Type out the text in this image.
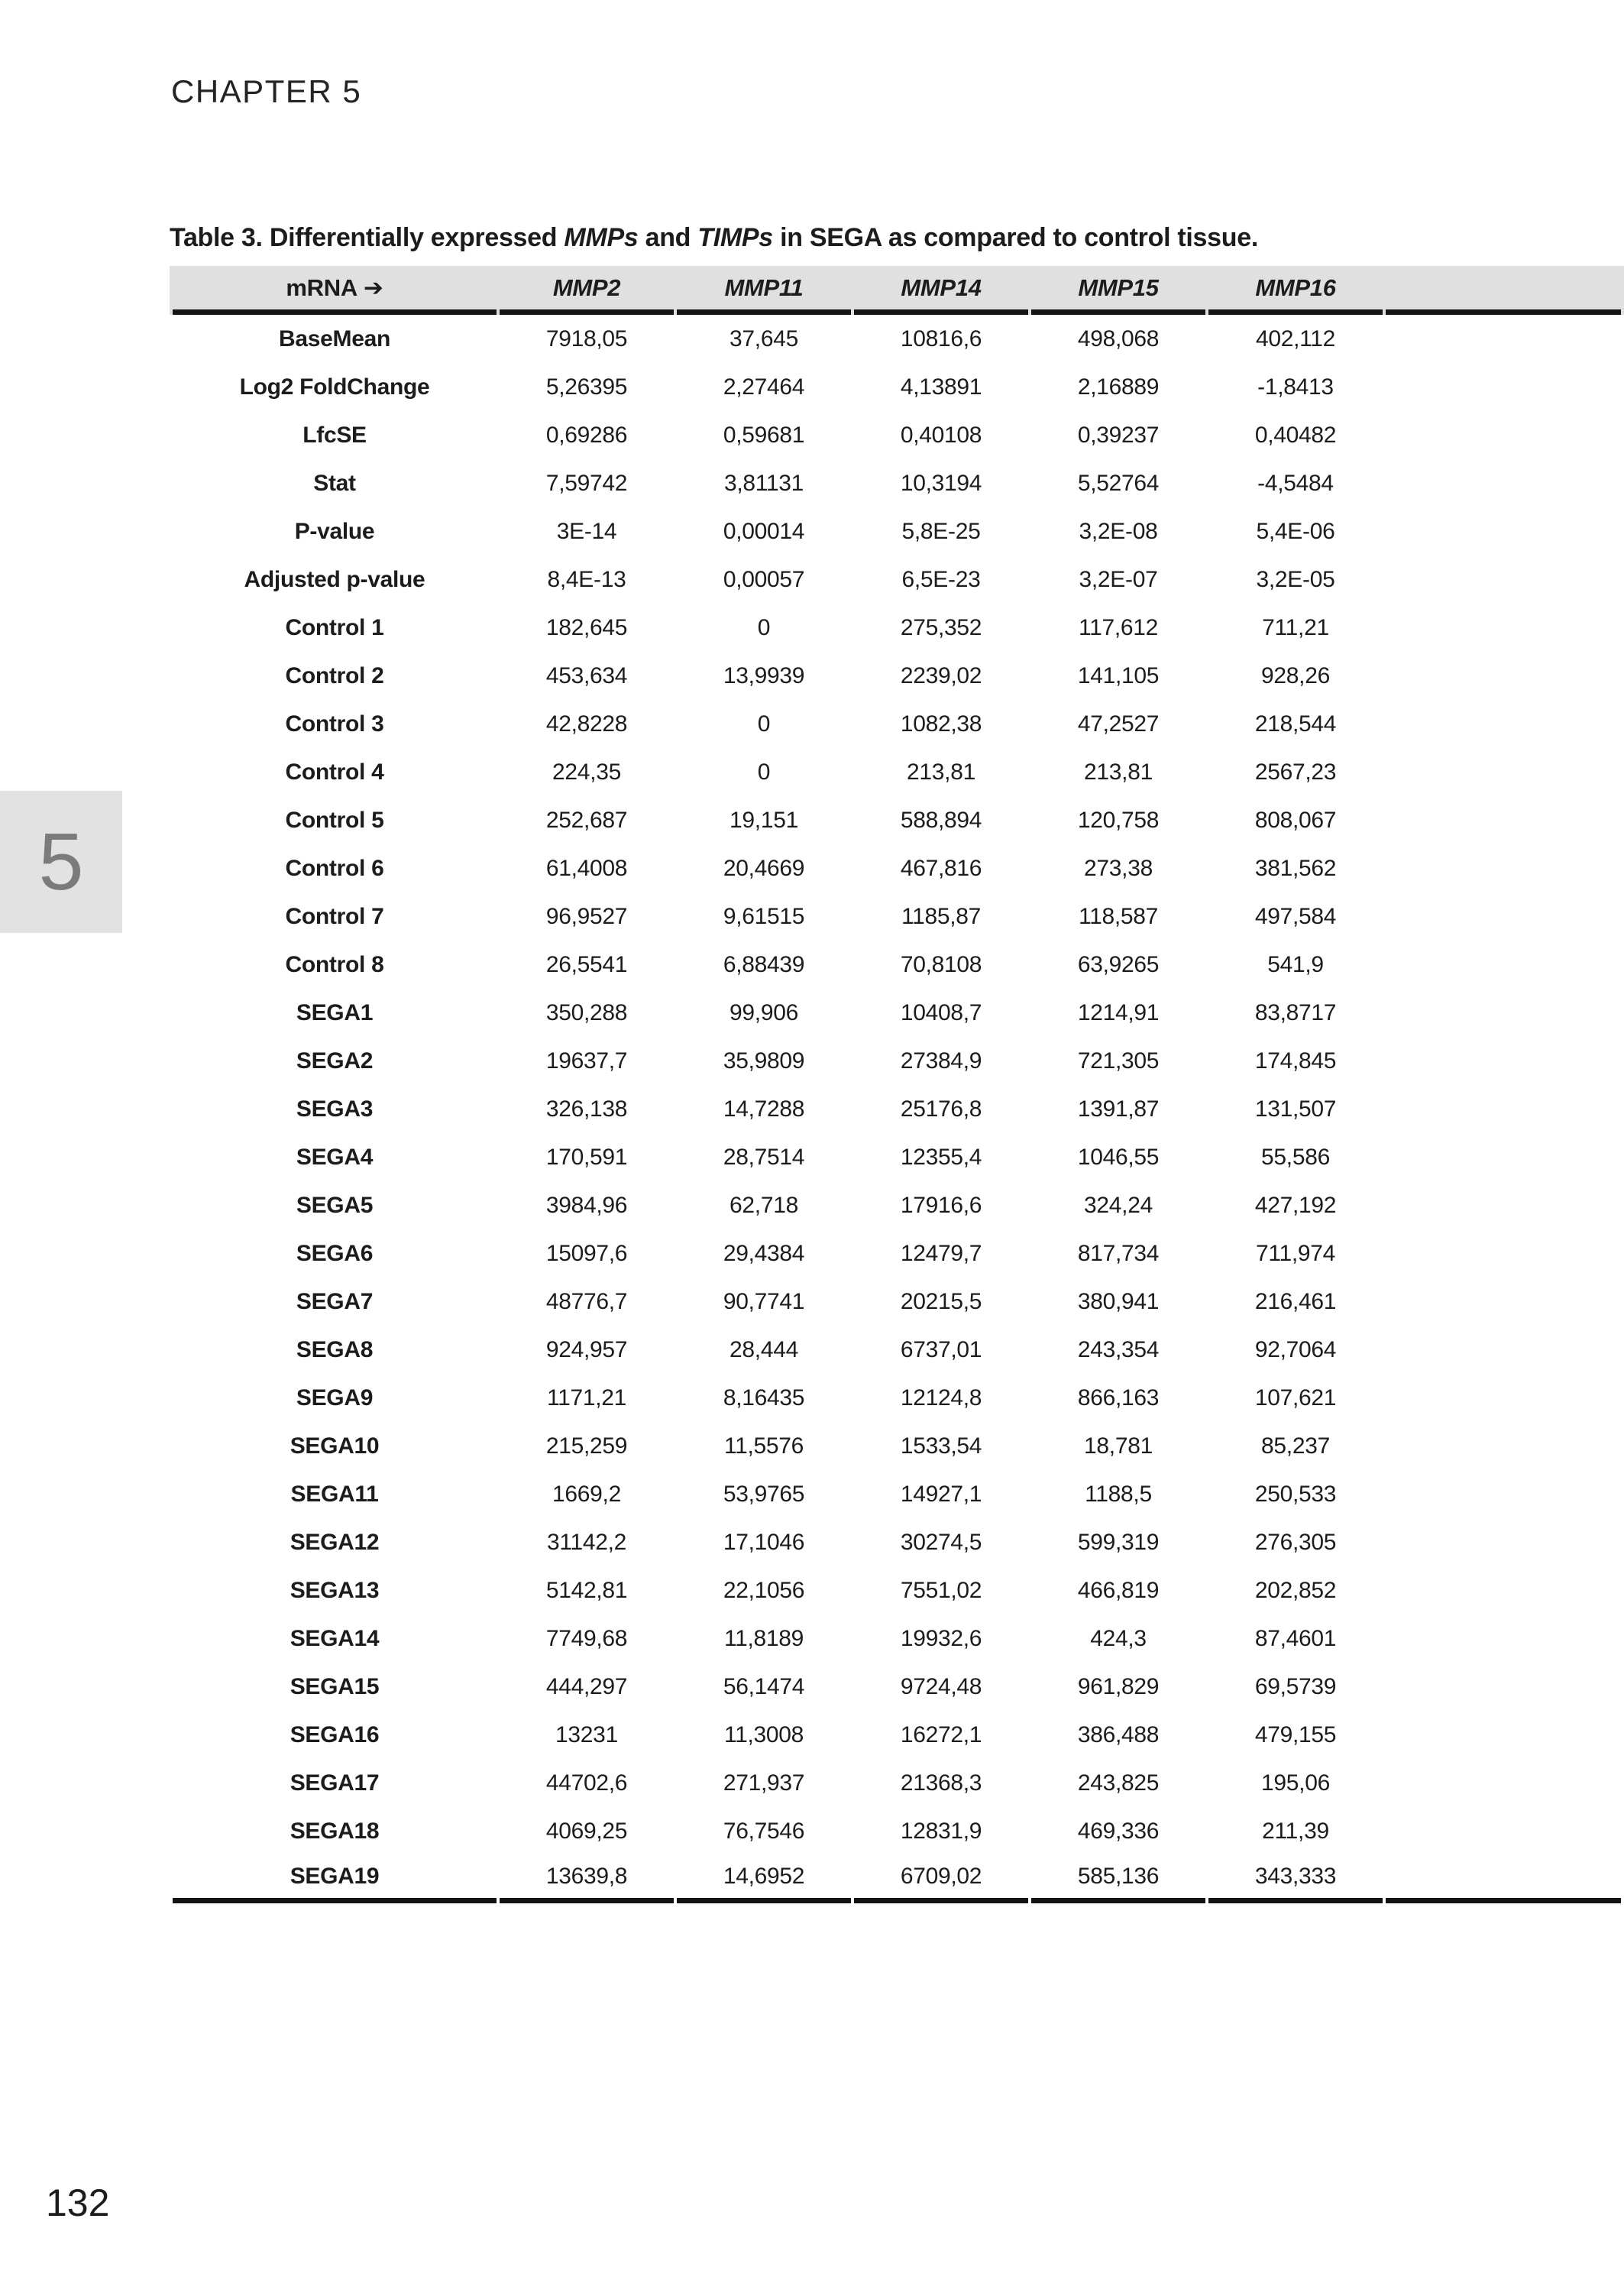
CHAPTER 5
Table 3. Differentially expressed MMPs and TIMPs in SEGA as compared to control tissue.
mRNA ➔	MMP2	MMP11	MMP14	MMP15	MMP16	
BaseMean	7918,05	37,645	10816,6	498,068	402,112	
Log2 FoldChange	5,26395	2,27464	4,13891	2,16889	-1,8413	
LfcSE	0,69286	0,59681	0,40108	0,39237	0,40482	
Stat	7,59742	3,81131	10,3194	5,52764	-4,5484	
P-value	3E-14	0,00014	5,8E-25	3,2E-08	5,4E-06	
Adjusted p-value	8,4E-13	0,00057	6,5E-23	3,2E-07	3,2E-05	
Control 1	182,645	0	275,352	117,612	711,21	
Control 2	453,634	13,9939	2239,02	141,105	928,26	
Control 3	42,8228	0	1082,38	47,2527	218,544	
Control 4	224,35	0	213,81	213,81	2567,23	
Control 5	252,687	19,151	588,894	120,758	808,067	
Control 6	61,4008	20,4669	467,816	273,38	381,562	
Control 7	96,9527	9,61515	1185,87	118,587	497,584	
Control 8	26,5541	6,88439	70,8108	63,9265	541,9	
SEGA1	350,288	99,906	10408,7	1214,91	83,8717	
SEGA2	19637,7	35,9809	27384,9	721,305	174,845	
SEGA3	326,138	14,7288	25176,8	1391,87	131,507	
SEGA4	170,591	28,7514	12355,4	1046,55	55,586	
SEGA5	3984,96	62,718	17916,6	324,24	427,192	
SEGA6	15097,6	29,4384	12479,7	817,734	711,974	
SEGA7	48776,7	90,7741	20215,5	380,941	216,461	
SEGA8	924,957	28,444	6737,01	243,354	92,7064	
SEGA9	1171,21	8,16435	12124,8	866,163	107,621	
SEGA10	215,259	11,5576	1533,54	18,781	85,237	
SEGA11	1669,2	53,9765	14927,1	1188,5	250,533	
SEGA12	31142,2	17,1046	30274,5	599,319	276,305	
SEGA13	5142,81	22,1056	7551,02	466,819	202,852	
SEGA14	7749,68	11,8189	19932,6	424,3	87,4601	
SEGA15	444,297	56,1474	9724,48	961,829	69,5739	
SEGA16	13231	11,3008	16272,1	386,488	479,155	
SEGA17	44702,6	271,937	21368,3	243,825	195,06	
SEGA18	4069,25	76,7546	12831,9	469,336	211,39	
SEGA19	13639,8	14,6952	6709,02	585,136	343,333	
5
132
